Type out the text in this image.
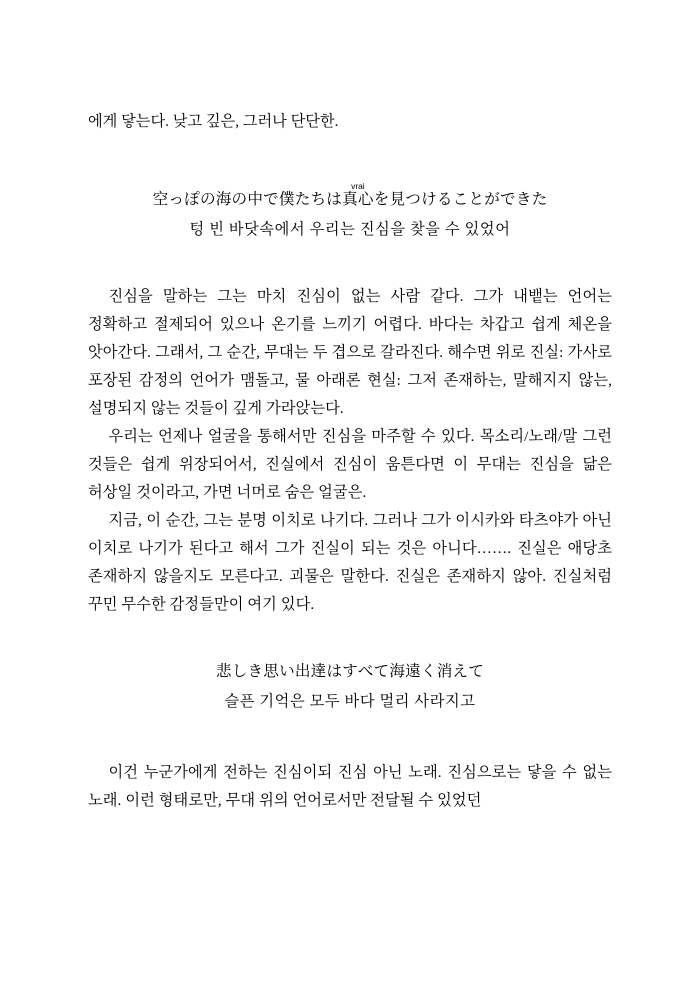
에게 닿는다. 낮고 깊은, 그러나 단단한.

空っぽの海の中で僕たちは真心vraiを見つけることができた

텅 빈 바닷속에서 우리는 진심을 찾을 수 있었어

진심을 말하는 그는 마치 진심이 없는 사람 같다. 그가 내뱉는 언어는 정확하고 절제되어 있으나 온기를 느끼기 어렵다. 바다는 차갑고 쉽게 체온을 앗아간다. 그래서, 그 순간, 무대는 두 겹으로 갈라진다. 해수면 위로 진실: 가사로 포장된 감정의 언어가 맴돌고, 물 아래론 현실: 그저 존재하는, 말해지지 않는, 설명되지 않는 것들이 깊게 가라앉는다.

우리는 언제나 얼굴을 통해서만 진심을 마주할 수 있다. 목소리/노래/말 그런 것들은 쉽게 위장되어서, 진실에서 진심이 움튼다면 이 무대는 진심을 닮은 허상일 것이라고, 가면 너머로 숨은 얼굴은.

지금, 이 순간, 그는 분명 이치로 나기다. 그러나 그가 이시카와 타츠야가 아닌 이치로 나기가 된다고 해서 그가 진실이 되는 것은 아니다……. 진실은 애당초 존재하지 않을지도 모른다고. 괴물은 말한다. 진실은 존재하지 않아. 진실처럼 꾸민 무수한 감정들만이 여기 있다.

悲しき思い出達はすべて海遠く消えて

슬픈 기억은 모두 바다 멀리 사라지고

이건 누군가에게 전하는 진심이되 진심 아닌 노래. 진심으로는 닿을 수 없는 노래. 이런 형태로만, 무대 위의 언어로서만 전달될 수 있었던
